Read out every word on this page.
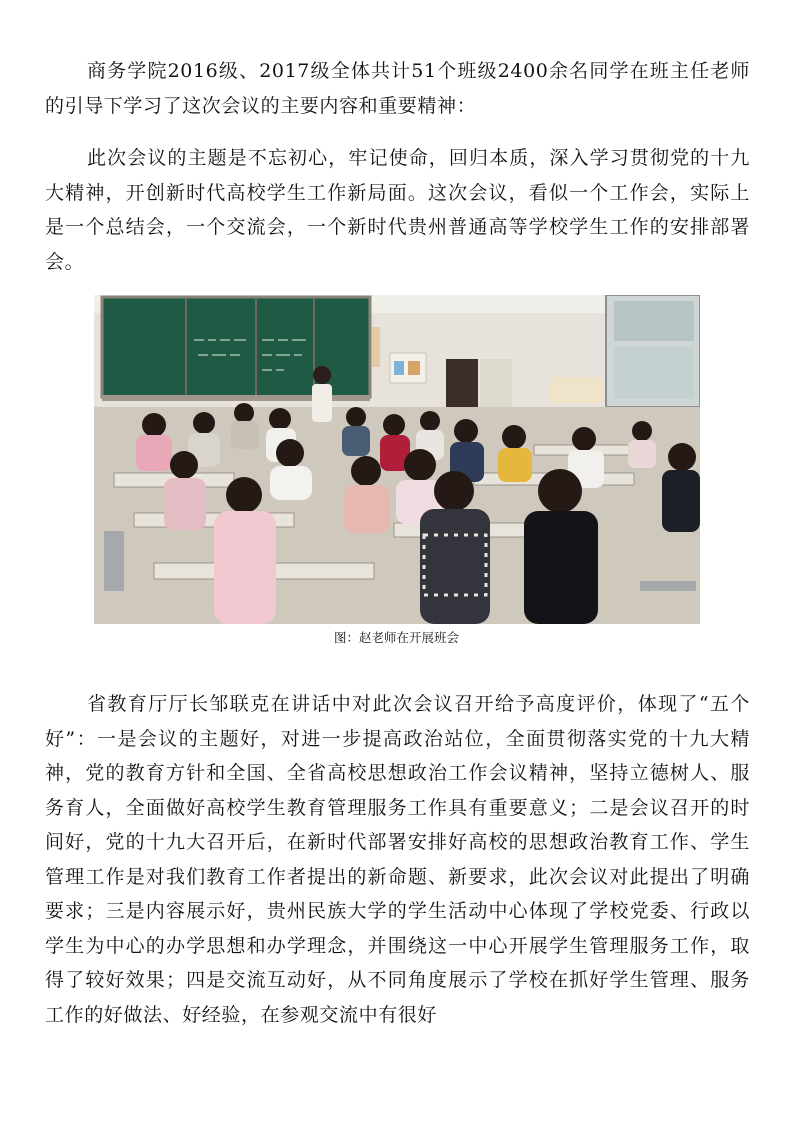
商务学院2016级、2017级全体共计51个班级2400余名同学在班主任老师的引导下学习了这次会议的主要内容和重要精神：

此次会议的主题是不忘初心，牢记使命，回归本质，深入学习贯彻党的十九大精神，开创新时代高校学生工作新局面。这次会议，看似一个工作会，实际上是一个总结会，一个交流会，一个新时代贵州普通高等学校学生工作的安排部署会。

图：赵老师在开展班会

省教育厅厅长邹联克在讲话中对此次会议召开给予高度评价，体现了“五个好”：一是会议的主题好，对进一步提高政治站位，全面贯彻落实党的十九大精神，党的教育方针和全国、全省高校思想政治工作会议精神，坚持立德树人、服务育人，全面做好高校学生教育管理服务工作具有重要意义；二是会议召开的时间好，党的十九大召开后，在新时代部署安排好高校的思想政治教育工作、学生管理工作是对我们教育工作者提出的新命题、新要求，此次会议对此提出了明确要求；三是内容展示好，贵州民族大学的学生活动中心体现了学校党委、行政以学生为中心的办学思想和办学理念，并围绕这一中心开展学生管理服务工作，取得了较好效果；四是交流互动好，从不同角度展示了学校在抓好学生管理、服务工作的好做法、好经验，在参观交流中有很好
